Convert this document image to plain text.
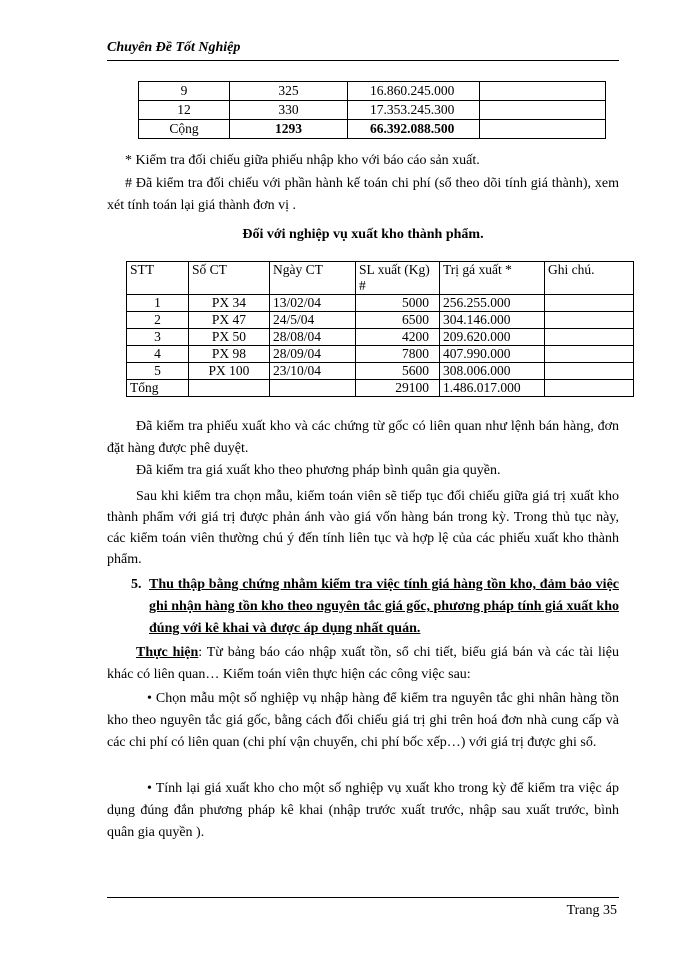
Chuyên Đề Tốt Nghiệp
9	325	16.860.245.000	
12	330	17.353.245.300	
Cộng	1293	66.392.088.500	
* Kiểm tra đối chiếu giữa phiếu nhập kho với báo cáo sản xuất.
# Đã kiểm tra đối chiếu với phần hành kế toán chi phí (sổ theo dõi tính giá thành), xem xét tính toán lại giá thành đơn vị .
Đối với nghiệp vụ xuất kho thành phẩm.
STT	Số CT	Ngày CT	SL xuất (Kg) #	Trị gá xuất *	Ghi chú.
1	PX 34	13/02/04	5000	256.255.000	
2	PX 47	24/5/04	6500	304.146.000	
3	PX 50	28/08/04	4200	209.620.000	
4	PX 98	28/09/04	7800	407.990.000	
5	PX 100	23/10/04	5600	308.006.000	
Tổng			29100	1.486.017.000	
Đã kiểm tra phiếu xuất kho và các chứng từ gốc có liên quan như lệnh bán hàng, đơn đặt hàng được phê duyệt.
Đã kiểm tra giá xuất kho theo phương pháp bình quân gia quyền.
Sau khi kiểm tra chọn mẫu, kiểm toán viên sẽ tiếp tục đối chiếu giữa giá trị xuất kho thành phẩm với giá trị được phản ánh vào giá vốn hàng bán trong kỳ. Trong thủ tục này, các kiểm toán viên thường chú ý đến tính liên tục và hợp lệ của các phiếu xuất kho thành phẩm.
5. Thu thập bằng chứng nhằm kiểm tra việc tính giá hàng tồn kho, đảm bảo việc ghi nhận hàng tồn kho theo nguyên tắc giá gốc, phương pháp tính giá xuất kho đúng với kê khai và được áp dụng nhất quán.
Thực hiện: Từ bảng báo cáo nhập xuất tồn, sổ chi tiết, biểu giá bán và các tài liệu khác có liên quan… Kiểm toán viên thực hiện các công việc sau:
• Chọn mẫu một số nghiệp vụ nhập hàng để kiểm tra nguyên tắc ghi nhân hàng tồn kho theo nguyên tắc giá gốc, bằng cách đối chiếu giá trị ghi trên hoá đơn nhà cung cấp và các chi phí có liên quan (chi phí vận chuyển, chi phí bốc xếp…) với giá trị được ghi sổ.
• Tính lại giá xuất kho cho một số nghiệp vụ xuất kho trong kỳ để kiểm tra việc áp dụng đúng đắn phương pháp kê khai (nhập trước xuất trước, nhập sau xuất trước, bình quân gia quyền ).
Trang 35
